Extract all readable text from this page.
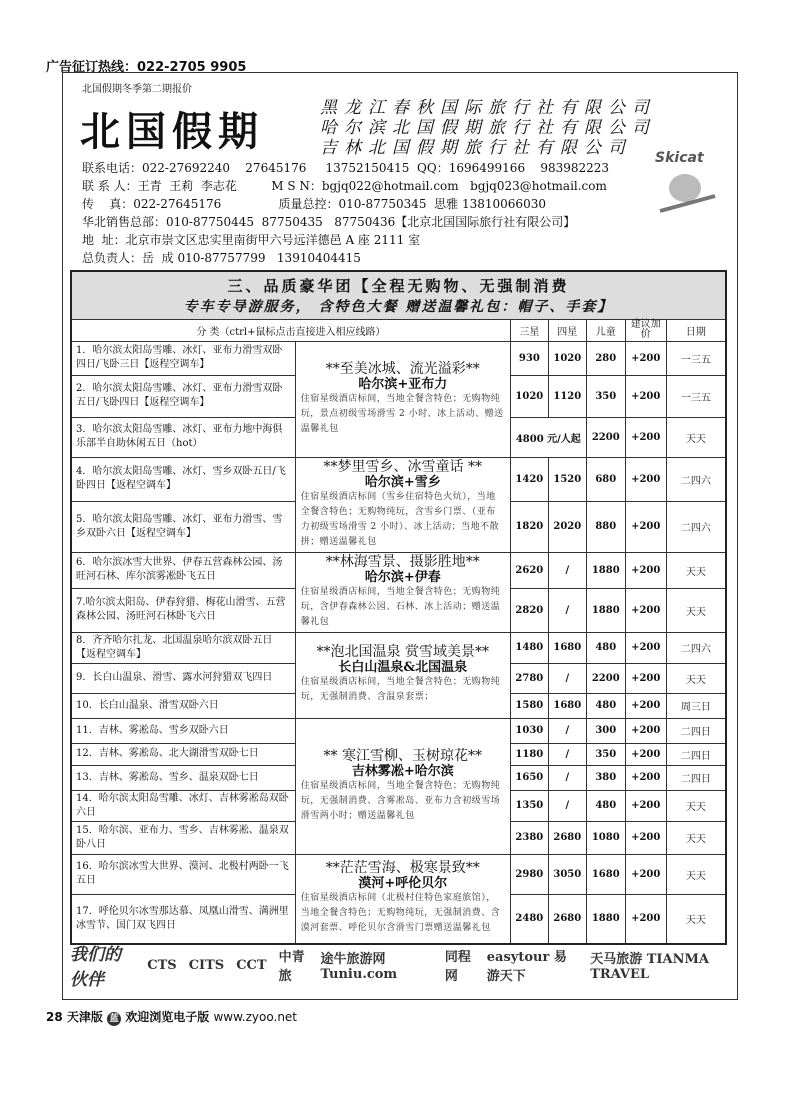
广告征订热线：022-2705 9905
北国假期冬季第二期报价
北国假期	黑龙江春秋国际旅行社有限公司
哈尔滨北国假期旅行社有限公司
吉林北国假期旅行社有限公司
联系电话：022-27692240    27645176     13752150415  QQ：1696499166    983982223
联 系 人：王青  王莉  李志花         M S N：bgjq022@hotmail.com   bgjq023@hotmail.com
传    真：022-27645176               质量总控：010-87750345  思雅 13810066030
华北销售总部：010-87750445  87750435   87750436【北京北国国际旅行社有限公司】
地  址：北京市崇文区忠实里南街甲六号远洋德邑 A 座 2111 室
总负责人：岳  成 010-87757799   13910404415
Skicat
三、品质豪华团【全程无购物、无强制消费
专车专导游服务， 含特色大餐 赠送温馨礼包：帽子、手套】						

分 类（ctrl+鼠标点击直接进入相应线路）		三星	四星	儿童	建议加价	日期
1．哈尔滨太阳岛雪雕、冰灯、亚布力滑雪双卧四日/飞卧三日【返程空调车】	**至美冰城、流光溢彩**
哈尔滨+亚布力
住宿星级酒店标间，当地全餐含特色；无购物纯玩，景点初级雪场滑雪 2 小时、冰上活动、赠送温馨礼包	930	1020	280	+200	一三五
2．哈尔滨太阳岛雪雕、冰灯、亚布力滑雪双卧五日/飞卧四日【返程空调车】		1020	1120	350	+200	一三五
3．哈尔滨太阳岛雪雕、冰灯、亚布力地中海俱乐部半自助休闲五日（hot）		4800 元/人起		2200	+200	天天
4．哈尔滨太阳岛雪雕、冰灯、雪乡双卧五日/飞卧四日【返程空调车】	**梦里雪乡、冰雪童话 **
哈尔滨+雪乡
住宿星级酒店标间（雪乡住宿特色火炕），当地全餐含特色；无购物纯玩，含雪乡门票、（亚布力初级雪场滑雪 2 小时）、冰上活动；当地不散拼；赠送温馨礼包	1420	1520	680	+200	二四六
5．哈尔滨太阳岛雪雕、冰灯、亚布力滑雪、雪乡双卧六日【返程空调车】		1820	2020	880	+200	二四六
6．哈尔滨冰雪大世界、伊春五营森林公园、汤旺河石林、库尔滨雾凇卧飞五日	**林海雪景、摄影胜地**
哈尔滨+伊春
住宿星级酒店标间，当地全餐含特色；无购物纯玩，含伊春森林公园、石林、冰上活动；赠送温馨礼包	2620	/	1880	+200	天天
7.哈尔滨太阳岛、伊春狩猎、梅花山滑雪、五营森林公园、汤旺河石林卧飞六日		2820	/	1880	+200	天天
8．齐齐哈尔扎龙、北国温泉哈尔滨双卧五日【返程空调车】	**泡北国温泉 赏雪域美景**
长白山温泉&北国温泉
住宿星级酒店标间，当地全餐含特色；无购物纯玩，无强制消费、含温泉套票；	1480	1680	480	+200	二四六
9．长白山温泉、滑雪、露水河狩猎双飞四日		2780	/	2200	+200	天天
10．长白山温泉、滑雪双卧六日		1580	1680	480	+200	周三日
11．吉林、雾凇岛、雪乡双卧六日	** 寒江雪柳、玉树琼花**
吉林雾凇+哈尔滨
住宿星级酒店标间，当地全餐含特色；无购物纯玩，无强制消费、含雾凇岛、亚布力含初级雪场滑雪两小时；赠送温馨礼包	1030	/	300	+200	二四日
12．吉林、雾凇岛、北大湖滑雪双卧七日		1180	/	350	+200	二四日
13．吉林、雾凇岛、雪乡、温泉双卧七日		1650	/	380	+200	二四日
14．哈尔滨太阳岛雪雕、冰灯、吉林雾凇岛双卧六日		1350	/	480	+200	天天
15．哈尔滨、亚布力、雪乡、吉林雾凇、温泉双卧八日		2380	2680	1080	+200	天天
16．哈尔滨冰雪大世界、漠河、北极村两卧一飞五日	**茫茫雪海、极寒景致**
漠河+呼伦贝尔
住宿星级酒店标间（北极村住特色家庭旅馆），当地全餐含特色；无购物纯玩，无强制消费、含漠河套票、呼伦贝尔含滑雪门票赠送温馨礼包	2980	3050	1680	+200	天天
17．呼伦贝尔冰雪那达慕、凤凰山滑雪、满洲里冰雪节、国门双飞四日		2480	2680	1880	+200	天天
我们的伙伴
CTS CITS CCT 中青旅
途牛旅游网 Tuniu.com
同程网
easytour 易游天下
天马旅游 TIANMA TRAVEL
28 天津版 蓝 欢迎浏览电子版 www.zyoo.net
